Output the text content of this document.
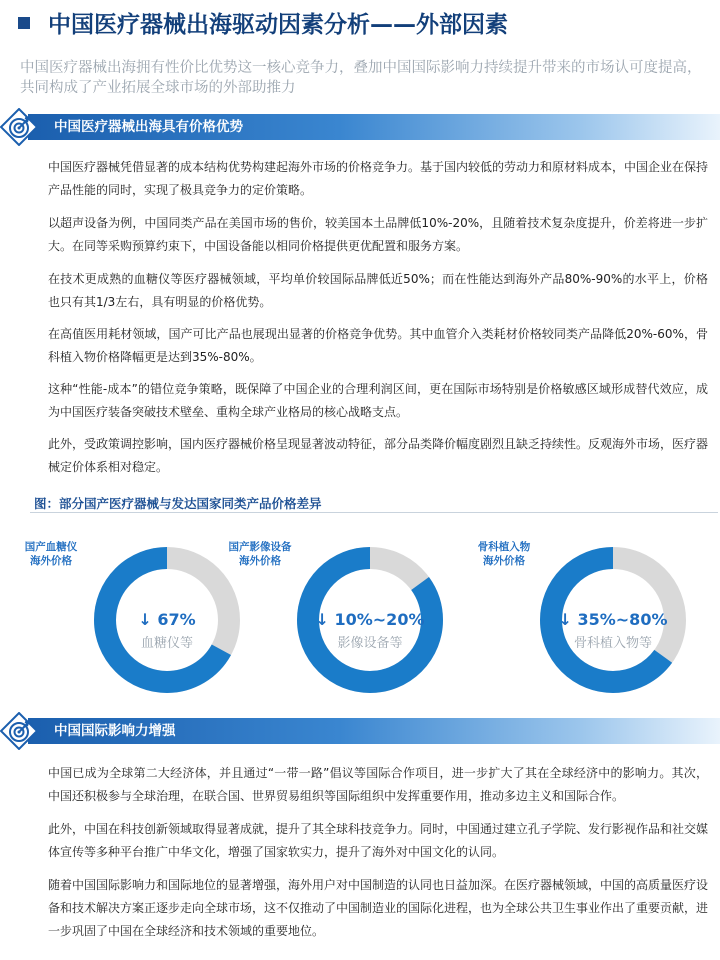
中国医疗器械出海驱动因素分析——外部因素
中国医疗器械出海拥有性价比优势这一核心竞争力，叠加中国国际影响力持续提升带来的市场认可度提高，共同构成了产业拓展全球市场的外部助推力
中国医疗器械出海具有价格优势
中国医疗器械凭借显著的成本结构优势构建起海外市场的价格竞争力。基于国内较低的劳动力和原材料成本，中国企业在保持产品性能的同时，实现了极具竞争力的定价策略。
以超声设备为例，中国同类产品在美国市场的售价，较美国本土品牌低10%-20%，且随着技术复杂度提升，价差将进一步扩大。在同等采购预算约束下，中国设备能以相同价格提供更优配置和服务方案。
在技术更成熟的血糖仪等医疗器械领域，平均单价较国际品牌低近50%；而在性能达到海外产品80%-90%的水平上，价格也只有其1/3左右，具有明显的价格优势。
在高值医用耗材领域，国产可比产品也展现出显著的价格竞争优势。其中血管介入类耗材价格较同类产品降低20%-60%，骨科植入物价格降幅更是达到35%-80%。
这种“性能-成本”的错位竞争策略，既保障了中国企业的合理利润区间，更在国际市场特别是价格敏感区域形成替代效应，成为中国医疗装备突破技术壁垒、重构全球产业格局的核心战略支点。
此外，受政策调控影响，国内医疗器械价格呈现显著波动特征，部分品类降价幅度剧烈且缺乏持续性。反观海外市场，医疗器械定价体系相对稳定。
图：部分国产医疗器械与发达国家同类产品价格差异
国产血糖仪
海外价格
↓ 67%
血糖仪等
国产影像设备
海外价格
↓ 10%~20%
影像设备等
骨科植入物
海外价格
↓ 35%~80%
骨科植入物等
中国国际影响力增强
中国已成为全球第二大经济体，并且通过“一带一路”倡议等国际合作项目，进一步扩大了其在全球经济中的影响力。其次，中国还积极参与全球治理，在联合国、世界贸易组织等国际组织中发挥重要作用，推动多边主义和国际合作。
此外，中国在科技创新领域取得显著成就，提升了其全球科技竞争力。同时，中国通过建立孔子学院、发行影视作品和社交媒体宣传等多种平台推广中华文化，增强了国家软实力，提升了海外对中国文化的认同。
随着中国国际影响力和国际地位的显著增强，海外用户对中国制造的认同也日益加深。在医疗器械领域，中国的高质量医疗设备和技术解决方案正逐步走向全球市场，这不仅推动了中国制造业的国际化进程，也为全球公共卫生事业作出了重要贡献，进一步巩固了中国在全球经济和技术领域的重要地位。
